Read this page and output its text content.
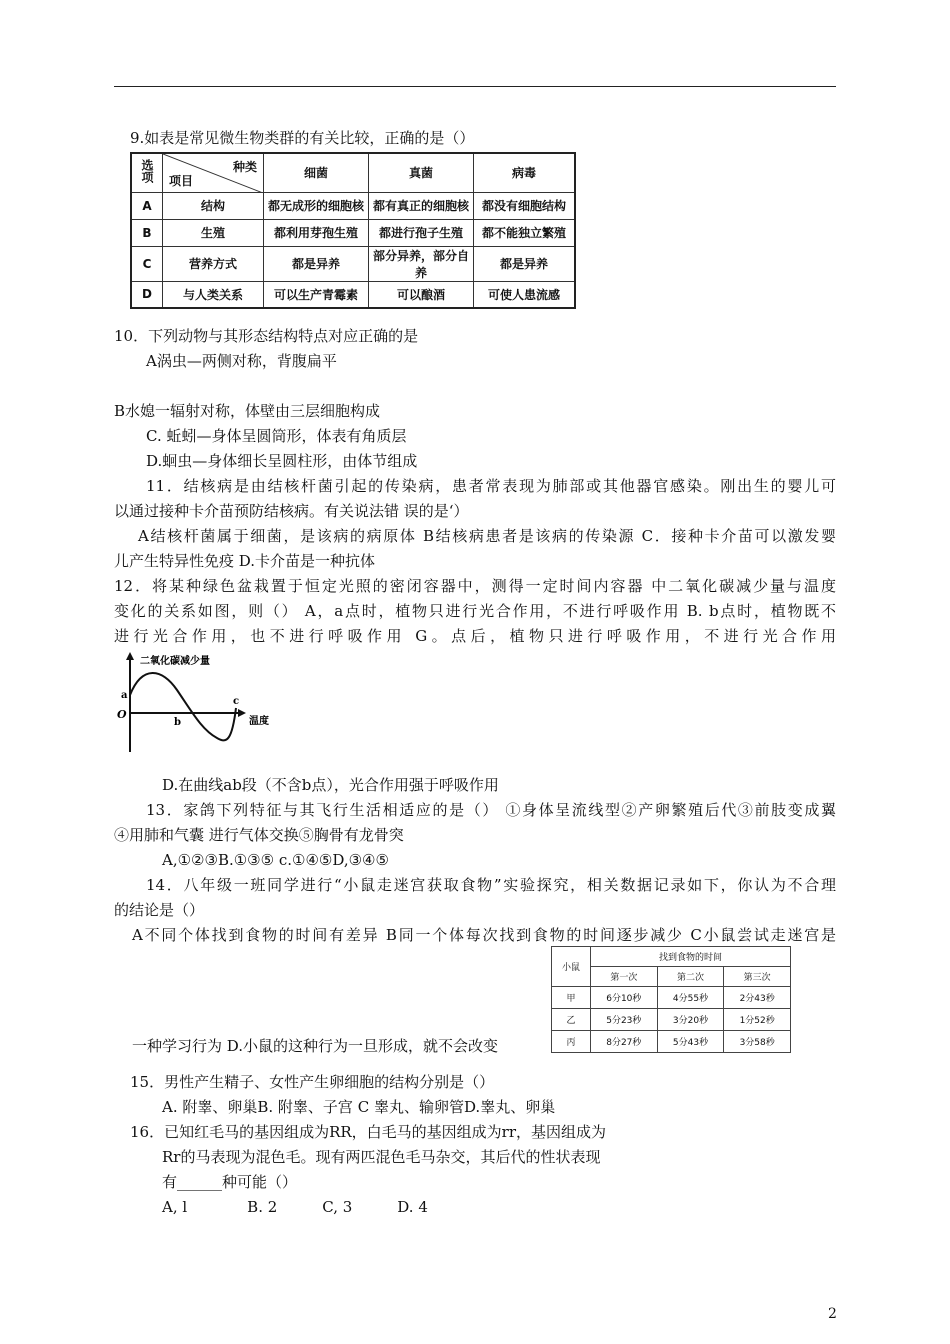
9.如表是常见微生物类群的有关比较，正确的是（）
选项	种类
项目	细菌	真菌	病毒
A	结构	都无成形的细胞核	都有真正的细胞核	都没有细胞结构
B	生殖	都利用芽孢生殖	都进行孢子生殖	都不能独立繁殖
C	营养方式	都是异养	部分异养，部分自养	都是异养
D	与人类关系	可以生产青霉素	可以酿酒	可使人患流感
10．下列动物与其形态结构特点对应正确的是
A涡虫—两侧对称，背腹扁平
B水媳一辐射对称，体壁由三层细胞构成
C. 蚯蚓—身体呈圆筒形，体表有角质层
D.蛔虫—身体细长呈圆柱形，由体节组成
11．结核病是由结核杆菌引起的传染病，患者常表现为肺部或其他器官感染。刚出生的婴儿可
以通过接种卡介苗预防结核病。有关说法错 误的是‘）
A结核杆菌属于细菌，是该病的病原体 B结核病患者是该病的传染源 C．接种卡介苗可以激发婴
儿产生特异性免疫 D.卡介苗是一种抗体
12．将某种绿色盆栽置于恒定光照的密闭容器中，测得一定时间内容器 中二氧化碳减少量与温度
变化的关系如图，则（） A，a点时，植物只进行光合作用，不进行呼吸作用 B. b点时，植物既不
进行光合作用，也不进行呼吸作用 G。点后，植物只进行呼吸作用，不进行光合作用
二氧化碳减少量
温度
O
a
b
c
D.在曲线ab段（不含b点），光合作用强于呼吸作用
13．家鸽下列特征与其飞行生活相适应的是（） ①身体呈流线型②产卵繁殖后代③前肢变成翼
④用肺和气囊 进行气体交换⑤胸骨有龙骨突
A,①②③B.①③⑤ c.①④⑤D,③④⑤
14．八年级一班同学进行“小鼠走迷宫获取食物”实验探究，相关数据记录如下，你认为不合理
的结论是（）
A不同个体找到食物的时间有差异 B同一个体每次找到食物的时间逐步减少 C小鼠尝试走迷宫是
小鼠	找到食物的时间		
	第一次	第二次	第三次
甲	6分10秒	4分55秒	2分43秒
乙	5分23秒	3分20秒	1分52秒
丙	8分27秒	5分43秒	3分58秒
一种学习行为 D.小鼠的这种行为一旦形成，就不会改变
15．男性产生精子、女性产生卵细胞的结构分别是（）
A. 附睾、卵巢B. 附睾、子宫 C 睾丸、输卵管D.睾丸、卵巢
16．已知红毛马的基因组成为RR，白毛马的基因组成为rr，基因组成为
Rr的马表现为混色毛。现有两匹混色毛马杂交，其后代的性状表现
有______种可能（）
A, l　　　　B. 2　　　C, 3　　　D. 4
2
